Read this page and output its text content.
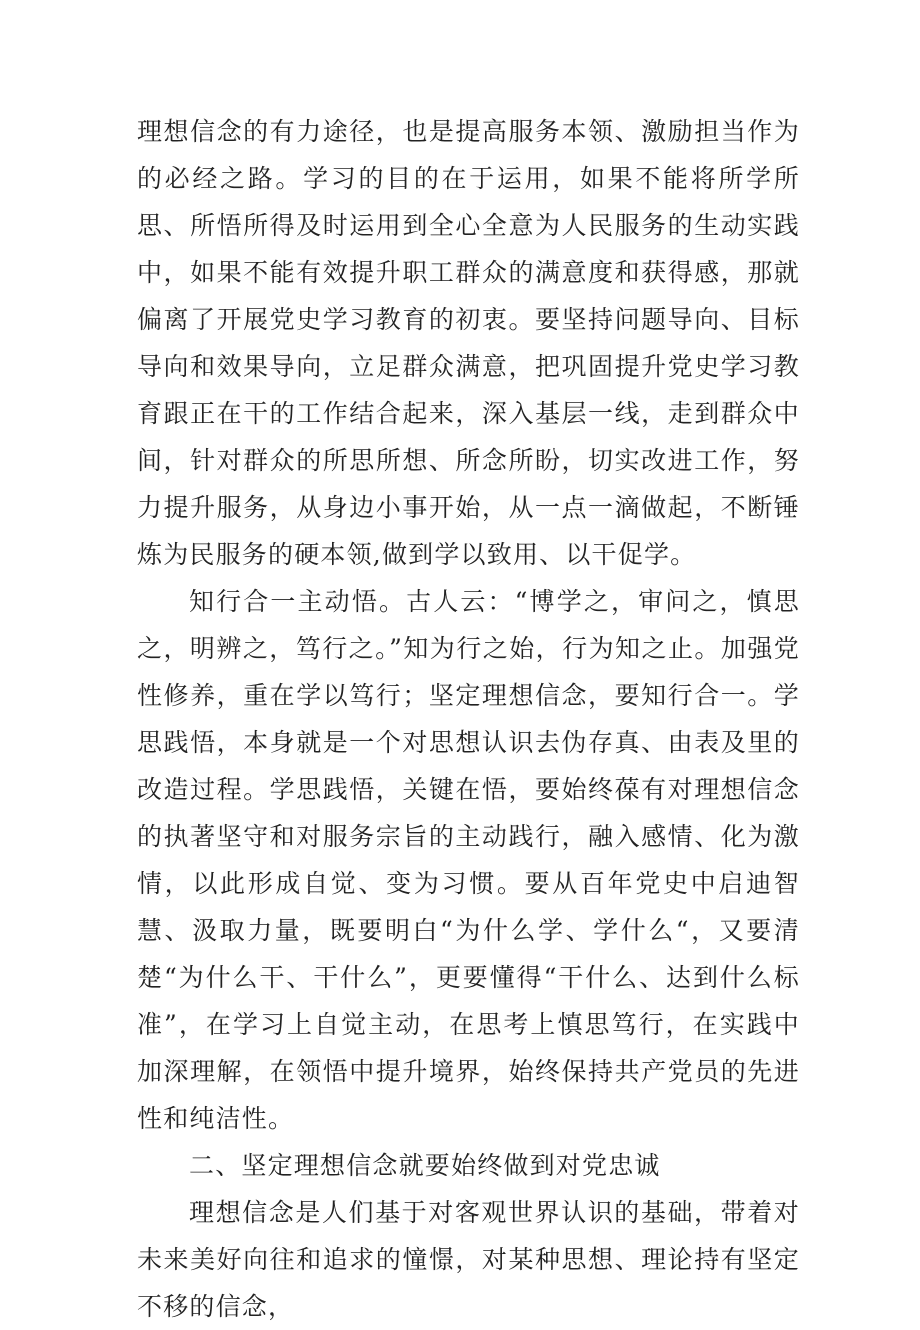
理想信念的有力途径，也是提高服务本领、激励担当作为的必经之路。学习的目的在于运用，如果不能将所学所思、所悟所得及时运用到全心全意为人民服务的生动实践中，如果不能有效提升职工群众的满意度和获得感，那就偏离了开展党史学习教育的初衷。要坚持问题导向、目标导向和效果导向，立足群众满意，把巩固提升党史学习教育跟正在干的工作结合起来，深入基层一线，走到群众中间，针对群众的所思所想、所念所盼，切实改进工作，努力提升服务，从身边小事开始，从一点一滴做起，不断锤炼为民服务的硬本领,做到学以致用、以干促学。

知行合一主动悟。古人云：“博学之，审问之，慎思之，明辨之，笃行之。”知为行之始，行为知之止。加强党性修养，重在学以笃行；坚定理想信念，要知行合一。学思践悟，本身就是一个对思想认识去伪存真、由表及里的改造过程。学思践悟，关键在悟，要始终葆有对理想信念的执著坚守和对服务宗旨的主动践行，融入感情、化为激情，以此形成自觉、变为习惯。要从百年党史中启迪智慧、汲取力量，既要明白“为什么学、学什么“，又要清楚“为什么干、干什么”，更要懂得“干什么、达到什么标准”，在学习上自觉主动，在思考上慎思笃行，在实践中加深理解，在领悟中提升境界，始终保持共产党员的先进性和纯洁性。

二、坚定理想信念就要始终做到对党忠诚

理想信念是人们基于对客观世界认识的基础，带着对未来美好向往和追求的憧憬，对某种思想、理论持有坚定不移的信念，
